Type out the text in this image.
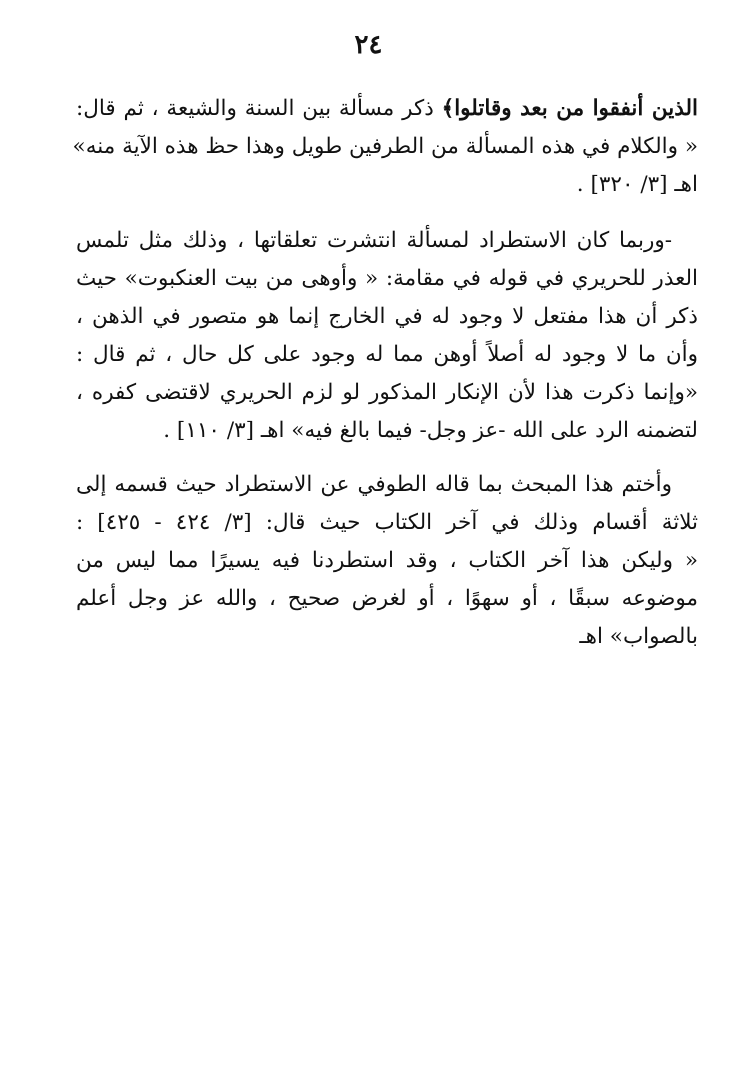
٢٤
الذين أنفقوا من بعد وقاتلوا﴾ ذكر مسألة بين السنة والشيعة ، ثم قال:
« والكلام في هذه المسألة من الطرفين طويل وهذا حظ هذه الآية منه»
اهـ [٣/ ٣٢٠] .
-وربما كان الاستطراد لمسألة انتشرت تعلقاتها ، وذلك مثل تلمس
العذر للحريري في قوله في مقامة: « وأوهى من بيت العنكبوت» حيث
ذكر أن هذا مفتعل لا وجود له في الخارج إنما هو متصور في الذهن ،
وأن ما لا وجود له أصلاً أوهن مما له وجود على كل حال ، ثم قال :
«وإنما ذكرت هذا لأن الإنكار المذكور لو لزم الحريري لاقتضى كفره ،
لتضمنه الرد على الله -عز وجل- فيما بالغ فيه» اهـ [٣/ ١١٠] .
وأختم هذا المبحث بما قاله الطوفي عن الاستطراد حيث قسمه إلى
ثلاثة أقسام وذلك في آخر الكتاب حيث قال: [٣/ ٤٢٤ - ٤٢٥] :
« وليكن هذا آخر الكتاب ، وقد استطردنا فيه يسيرًا مما ليس من
موضوعه سبقًا ، أو سهوًا ، أو لغرض صحيح ، والله عز وجل أعلم
بالصواب» اهـ
